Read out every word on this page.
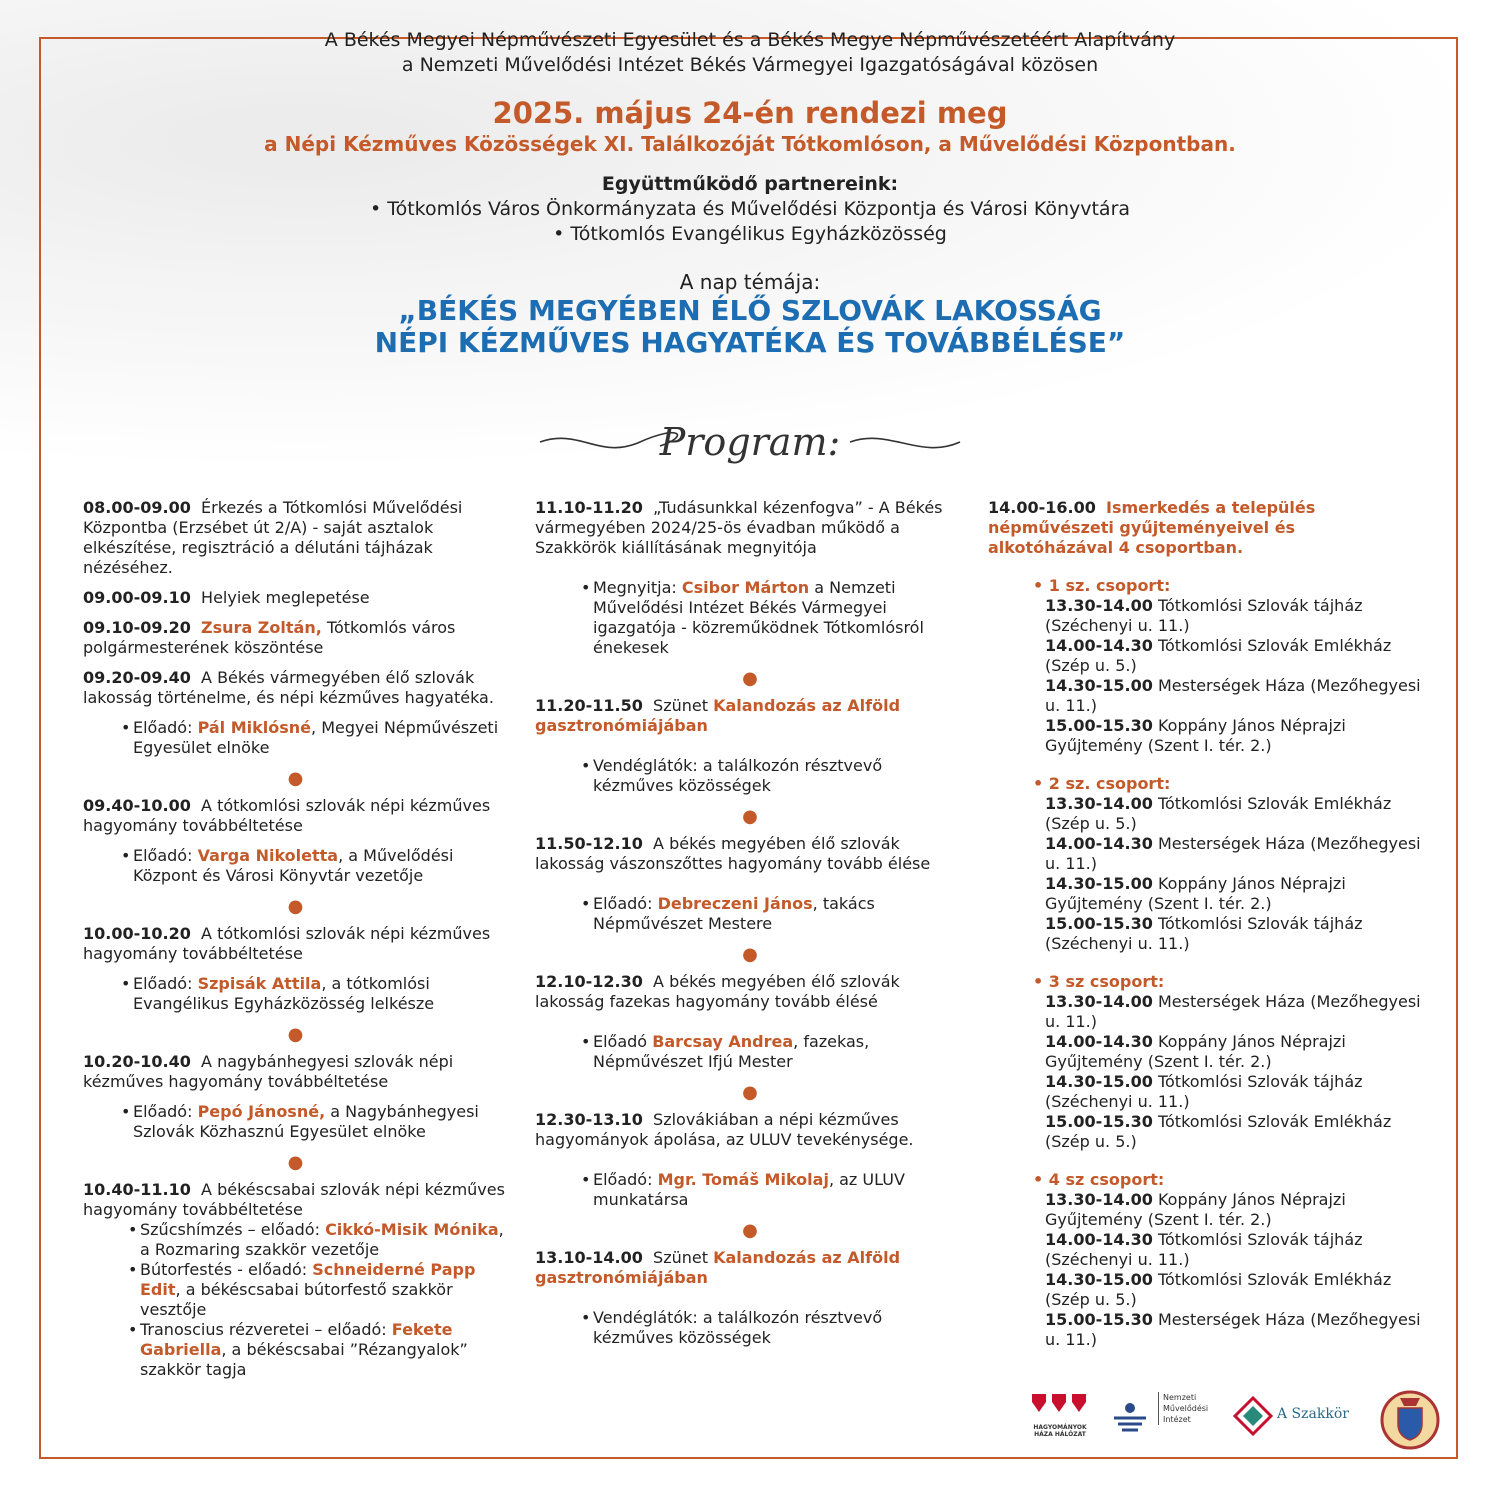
A Békés Megyei Népművészeti Egyesület és a Békés Megye Népművészetéért Alapítvány
a Nemzeti Művelődési Intézet Békés Vármegyei Igazgatóságával közösen
2025. május 24-én rendezi meg
a Népi Kézműves Közösségek XI. Találkozóját Tótkomlóson, a Művelődési Központban.
Együttműködő partnereink:
• Tótkomlós Város Önkormányzata és Művelődési Központja és Városi Könyvtára
• Tótkomlós Evangélikus Egyházközösség
A nap témája:
„BÉKÉS MEGYÉBEN ÉLŐ SZLOVÁK LAKOSSÁG
NÉPI KÉZMŰVES HAGYATÉKA ÉS TOVÁBBÉLÉSE”
Program:
08.00-09.00 Érkezés a Tótkomlósi Művelődési Központba (Erzsébet út 2/A) - saját asztalok elkészítése, regisztráció a délutáni tájházak nézéséhez.
09.00-09.10 Helyiek meglepetése
09.10-09.20 Zsura Zoltán, Tótkomlós város polgármesterének köszöntése
09.20-09.40 A Békés vármegyében élő szlovák lakosság történelme, és népi kézműves hagyatéka.
• Előadó: Pál Miklósné, Megyei Népművészeti Egyesület elnöke
●
09.40-10.00 A tótkomlósi szlovák népi kézműves hagyomány továbbéltetése
• Előadó: Varga Nikoletta, a Művelődési Központ és Városi Könyvtár vezetője
●
10.00-10.20 A tótkomlósi szlovák népi kézműves hagyomány továbbéltetése
• Előadó: Szpisák Attila, a tótkomlósi Evangélikus Egyházközösség lelkésze
●
10.20-10.40 A nagybánhegyesi szlovák népi kézműves hagyomány továbbéltetése
• Előadó: Pepó Jánosné, a Nagybánhegyesi Szlovák Közhasznú Egyesület elnöke
●
10.40-11.10 A békéscsabai szlovák népi kézműves hagyomány továbbéltetése
• Szűcshímzés – előadó: Cikkó-Misik Mónika, a Rozmaring szakkör vezetője
• Bútorfestés - előadó: Schneiderné Papp Edit, a békéscsabai bútorfestő szakkör vesztője
• Tranoscius rézveretei – előadó: Fekete Gabriella, a békéscsabai ”Rézangyalok” szakkör tagja
11.10-11.20 „Tudásunkkal kézenfogva” - A Békés vármegyében 2024/25-ös évadban működő a Szakkörök kiállításának megnyitója
• Megnyitja: Csibor Márton a Nemzeti Művelődési Intézet Békés Vármegyei igazgatója - közreműködnek Tótkomlósról énekesek
●
11.20-11.50 Szünet Kalandozás az Alföld gasztronómiájában
• Vendéglátók: a találkozón résztvevő kézműves közösségek
●
11.50-12.10 A békés megyében élő szlovák lakosság vászonszőttes hagyomány tovább élése
• Előadó: Debreczeni János, takács Népművészet Mestere
●
12.10-12.30 A békés megyében élő szlovák lakosság fazekas hagyomány tovább élésé
• Előadó Barcsay Andrea, fazekas, Népművészet Ifjú Mester
●
12.30-13.10 Szlovákiában a népi kézműves hagyományok ápolása, az ULUV tevekénysége.
• Előadó: Mgr. Tomáš Mikolaj, az ULUV munkatársa
●
13.10-14.00 Szünet Kalandozás az Alföld gasztronómiájában
• Vendéglátók: a találkozón résztvevő kézműves közösségek
14.00-16.00 Ismerkedés a település népművészeti gyűjteményeivel és alkotóházával 4 csoportban.
• 1 sz. csoport:
13.30-14.00 Tótkomlósi Szlovák tájház (Széchenyi u. 11.)
14.00-14.30 Tótkomlósi Szlovák Emlékház (Szép u. 5.)
14.30-15.00 Mesterségek Háza (Mezőhegyesi u. 11.)
15.00-15.30 Koppány János Néprajzi Gyűjtemény (Szent I. tér. 2.)
• 2 sz. csoport:
13.30-14.00 Tótkomlósi Szlovák Emlékház (Szép u. 5.)
14.00-14.30 Mesterségek Háza (Mezőhegyesi u. 11.)
14.30-15.00 Koppány János Néprajzi Gyűjtemény (Szent I. tér. 2.)
15.00-15.30 Tótkomlósi Szlovák tájház (Széchenyi u. 11.)
• 3 sz csoport:
13.30-14.00 Mesterségek Háza (Mezőhegyesi u. 11.)
14.00-14.30 Koppány János Néprajzi Gyűjtemény (Szent I. tér. 2.)
14.30-15.00 Tótkomlósi Szlovák tájház (Széchenyi u. 11.)
15.00-15.30 Tótkomlósi Szlovák Emlékház (Szép u. 5.)
• 4 sz csoport:
13.30-14.00 Koppány János Néprajzi Gyűjtemény (Szent I. tér. 2.)
14.00-14.30 Tótkomlósi Szlovák tájház (Széchenyi u. 11.)
14.30-15.00 Tótkomlósi Szlovák Emlékház (Szép u. 5.)
15.00-15.30 Mesterségek Háza (Mezőhegyesi u. 11.)
HAGYOMÁNYOK HÁZA HÁLÓZAT
Nemzeti
Művelődési
Intézet	A Szakkör
